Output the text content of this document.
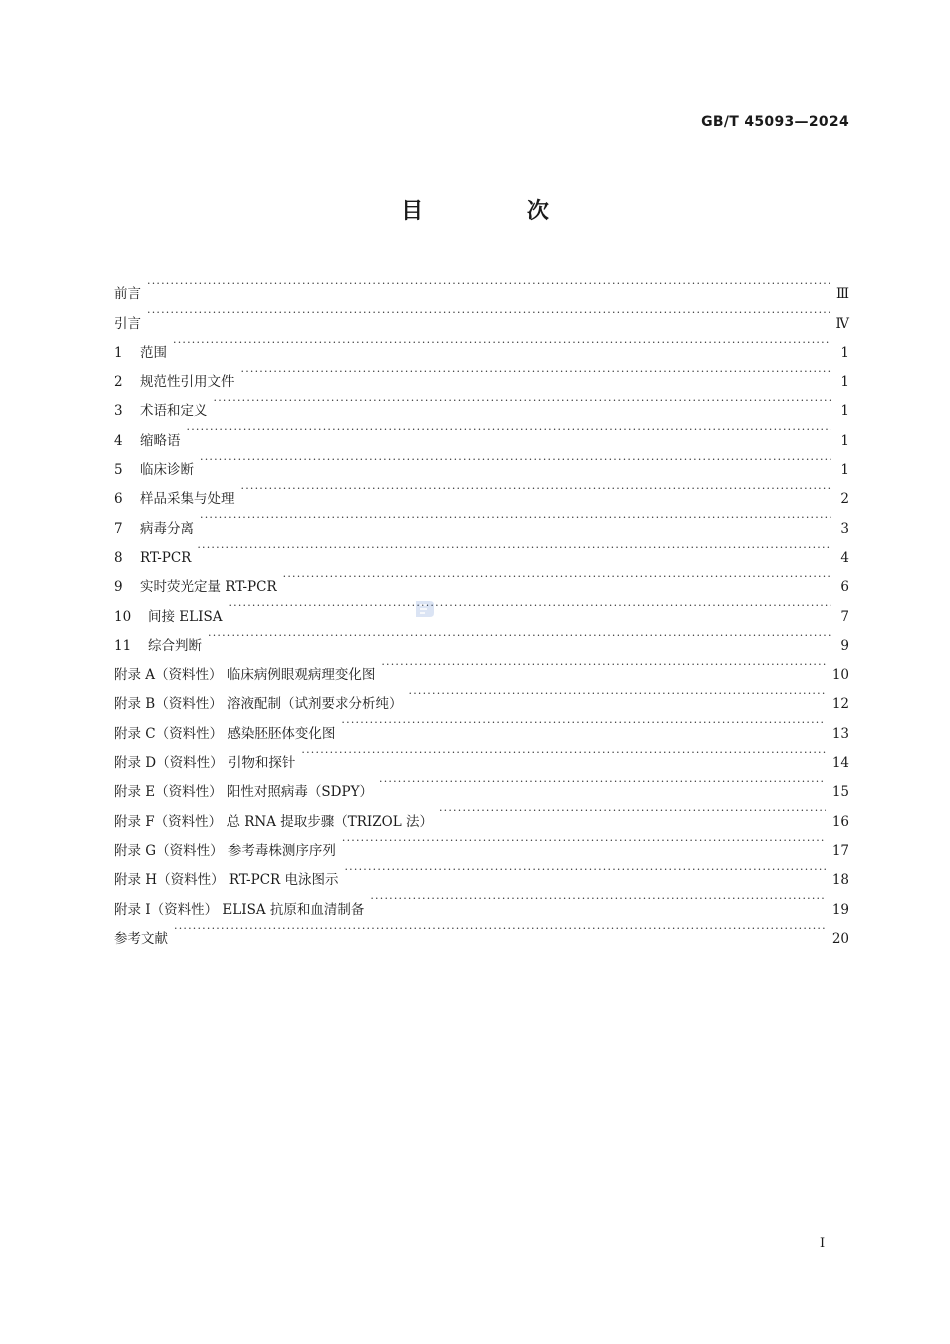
GB/T 45093—2024
目 次
前言 ·····	Ⅲ
引言 ·····	Ⅳ
1 范围 ·····	1
2 规范性引用文件 ·····	1
3 术语和定义 ·····	1
4 缩略语 ·····	1
5 临床诊断 ·····	1
6 样品采集与处理 ·····	2
7 病毒分离 ·····	3
8 RT-PCR ·····	4
9 实时荧光定量 RT-PCR ·····	6
10 间接 ELISA ·····	7
11 综合判断 ·····	9
附录 A（资料性） 临床病例眼观病理变化图 ·····	10
附录 B（资料性） 溶液配制（试剂要求分析纯） ·····	12
附录 C（资料性） 感染胚胚体变化图 ·····	13
附录 D（资料性） 引物和探针 ·····	14
附录 E（资料性） 阳性对照病毒（SDPY） ·····	15
附录 F（资料性） 总 RNA 提取步骤（TRIZOL 法） ·····	16
附录 G（资料性） 参考毒株测序序列 ·····	17
附录 H（资料性） RT-PCR 电泳图示 ·····	18
附录 I（资料性） ELISA 抗原和血清制备 ·····	19
参考文献 ·····	20
I
